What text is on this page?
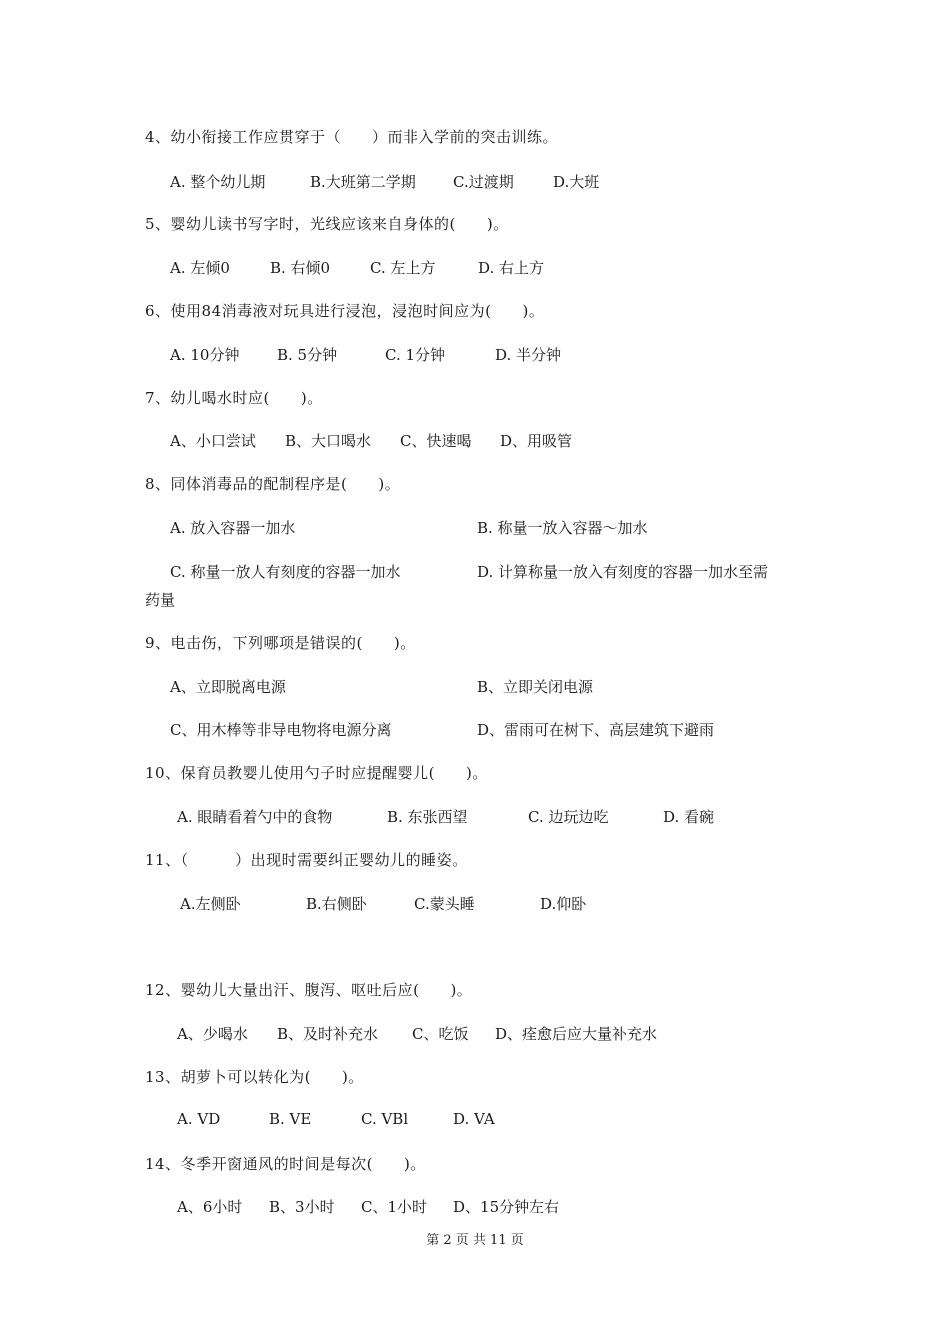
4、幼小衔接工作应贯穿于（　　）而非入学前的突击训练。
A. 整个幼儿期	B.大班第二学期 C.过渡期	D.大班
5、婴幼儿读书写字时，光线应该来自身体的(　　)。
A. 左倾0	B. 右倾0	C. 左上方	D. 右上方
6、使用84消毒液对玩具进行浸泡，浸泡时间应为(　　)。
A. 10分钟	B. 5分钟	C. 1分钟	D. 半分钟
7、幼儿喝水时应(　　)。
A、小口尝试 B、大口喝水 C、快速喝 D、用吸管
8、同体消毒品的配制程序是(　　)。
A. 放入容器一加水	B. 称量一放入容器～加水
C. 称量一放人有刻度的容器一加水	D. 计算称量一放入有刻度的容器一加水至需
药量
9、电击伤，下列哪项是错误的(　　)。
A、立即脱离电源	B、立即关闭电源
C、用木棒等非导电物将电源分离	D、雷雨可在树下、高层建筑下避雨
10、保育员教婴儿使用勺子时应提醒婴儿(　　)。
A. 眼睛看着勺中的食物	B. 东张西望	C. 边玩边吃	D. 看碗
11、（　　　）出现时需要纠正婴幼儿的睡姿。
A.左侧卧	B.右侧卧	C.蒙头睡	D.仰卧
12、婴幼儿大量出汗、腹泻、呕吐后应(　　)。
A、少喝水 B、及时补充水 C、吃饭 D、痊愈后应大量补充水
13、胡萝卜可以转化为(　　)。
A. VD	B. VE	C. VBl	D. VA
14、冬季开窗通风的时间是每次(　　)。
A、6小时 B、3小时 C、1小时 D、15分钟左右
第 2 页 共 11 页
